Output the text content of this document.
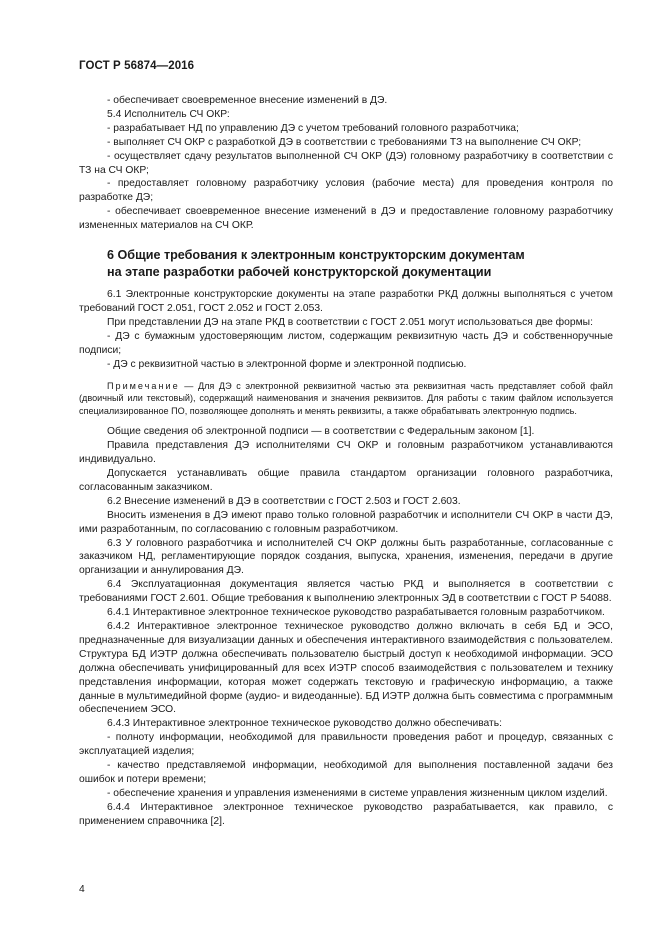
ГОСТ Р 56874—2016

- обеспечивает своевременное внесение изменений в ДЭ.

5.4 Исполнитель СЧ ОКР:

- разрабатывает НД по управлению ДЭ с учетом требований головного разработчика;

- выполняет СЧ ОКР с разработкой ДЭ в соответствии с требованиями ТЗ на выполнение СЧ ОКР;

- осуществляет сдачу результатов выполненной СЧ ОКР (ДЭ) головному разработчику в соответствии с ТЗ на СЧ ОКР;

- предоставляет головному разработчику условия (рабочие места) для проведения контроля по разработке ДЭ;

- обеспечивает своевременное внесение изменений в ДЭ и предоставление головному разработчику измененных материалов на СЧ ОКР.

6 Общие требования к электронным конструкторским документам

на этапе разработки рабочей конструкторской документации

6.1 Электронные конструкторские документы на этапе разработки РКД должны выполняться с учетом требований ГОСТ 2.051, ГОСТ 2.052 и ГОСТ 2.053.

При представлении ДЭ на этапе РКД в соответствии с ГОСТ 2.051 могут использоваться две формы:

- ДЭ с бумажным удостоверяющим листом, содержащим реквизитную часть ДЭ и собственноручные подписи;

- ДЭ с реквизитной частью в электронной форме и электронной подписью.

Примечание — Для ДЭ с электронной реквизитной частью эта реквизитная часть представляет собой файл (двоичный или текстовый), содержащий наименования и значения реквизитов. Для работы с таким файлом используется специализированное ПО, позволяющее дополнять и менять реквизиты, а также обрабатывать электронную подпись.

Общие сведения об электронной подписи — в соответствии с Федеральным законом [1].

Правила представления ДЭ исполнителями СЧ ОКР и головным разработчиком устанавливаются индивидуально.

Допускается устанавливать общие правила стандартом организации головного разработчика, согласованным заказчиком.

6.2 Внесение изменений в ДЭ в соответствии с ГОСТ 2.503 и ГОСТ 2.603.

Вносить изменения в ДЭ имеют право только головной разработчик и исполнители СЧ ОКР в части ДЭ, ими разработанным, по согласованию с головным разработчиком.

6.3 У головного разработчика и исполнителей СЧ ОКР должны быть разработанные, согласованные с заказчиком НД, регламентирующие порядок создания, выпуска, хранения, изменения, передачи в другие организации и аннулирования ДЭ.

6.4 Эксплуатационная документация является частью РКД и выполняется в соответствии с требованиями ГОСТ 2.601. Общие требования к выполнению электронных ЭД в соответствии с ГОСТ Р 54088.

6.4.1 Интерактивное электронное техническое руководство разрабатывается головным разработчиком.

6.4.2 Интерактивное электронное техническое руководство должно включать в себя БД и ЭСО, предназначенные для визуализации данных и обеспечения интерактивного взаимодействия с пользователем. Структура БД ИЭТР должна обеспечивать пользователю быстрый доступ к необходимой информации. ЭСО должна обеспечивать унифицированный для всех ИЭТР способ взаимодействия с пользователем и технику представления информации, которая может содержать текстовую и графическую информацию, а также данные в мультимедийной форме (аудио- и видеоданные). БД ИЭТР должна быть совместима с программным обеспечением ЭСО.

6.4.3 Интерактивное электронное техническое руководство должно обеспечивать:

- полноту информации, необходимой для правильности проведения работ и процедур, связанных с эксплуатацией изделия;

- качество представляемой информации, необходимой для выполнения поставленной задачи без ошибок и потери времени;

- обеспечение хранения и управления изменениями в системе управления жизненным циклом изделий.

6.4.4 Интерактивное электронное техническое руководство разрабатывается, как правило, с применением справочника [2].

4
